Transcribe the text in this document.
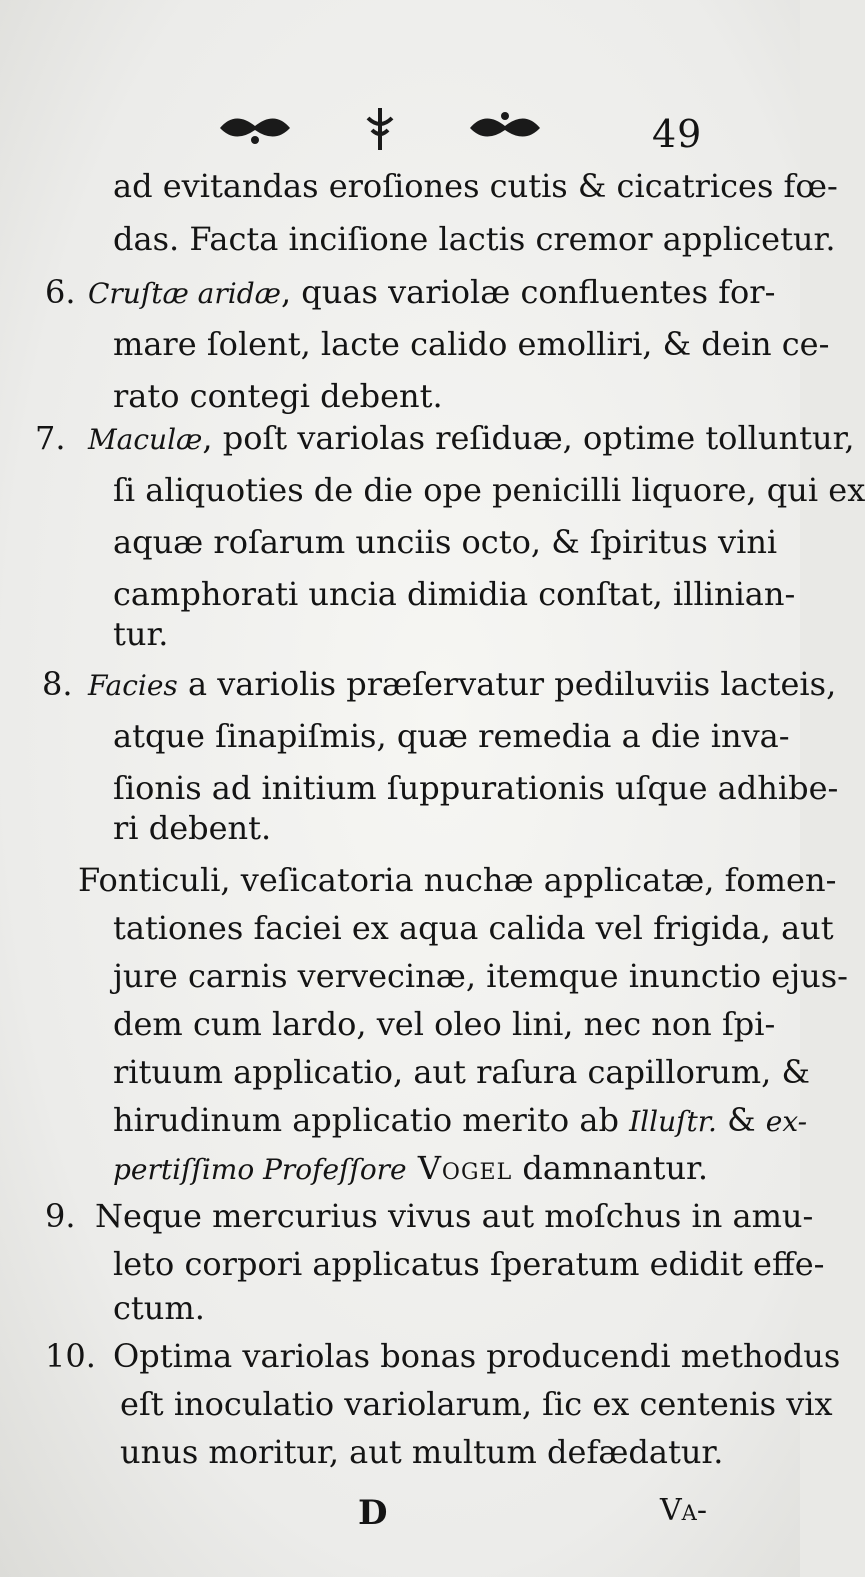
49
ad evitandas eroſiones cutis & cicatrices fœ-
das. Facta inciſione lactis cremor applicetur.
6. Cruſtæ aridæ, quas variolæ confluentes for-
mare ſolent, lacte calido emolliri, & dein ce-
rato contegi debent.
7. Maculæ, poſt variolas reſiduæ, optime tolluntur,
ſi aliquoties de die ope penicilli liquore, qui ex
aquæ roſarum unciis octo, & ſpiritus vini
camphorati uncia dimidia conſtat, illinian-
tur.
8. Facies a variolis præſervatur pediluviis lacteis,
atque ſinapiſmis, quæ remedia a die inva-
ſionis ad initium ſuppurationis uſque adhibe-
ri debent.
Fonticuli, veſicatoria nuchæ applicatæ, fomen-
tationes faciei ex aqua calida vel frigida, aut
jure carnis vervecinæ, itemque inunctio ejus-
dem cum lardo, vel oleo lini, nec non ſpi-
rituum applicatio, aut raſura capillorum, &
hirudinum applicatio merito ab Illuſtr. & ex-
pertiſſimo Profeſſore Vogel damnantur.
9. Neque mercurius vivus aut moſchus in amu-
leto corpori applicatus ſperatum edidit effe-
ctum.
10. Optima variolas bonas producendi methodus
eſt inoculatio variolarum, ſic ex centenis vix
unus moritur, aut multum defædatur.
D	Va-
